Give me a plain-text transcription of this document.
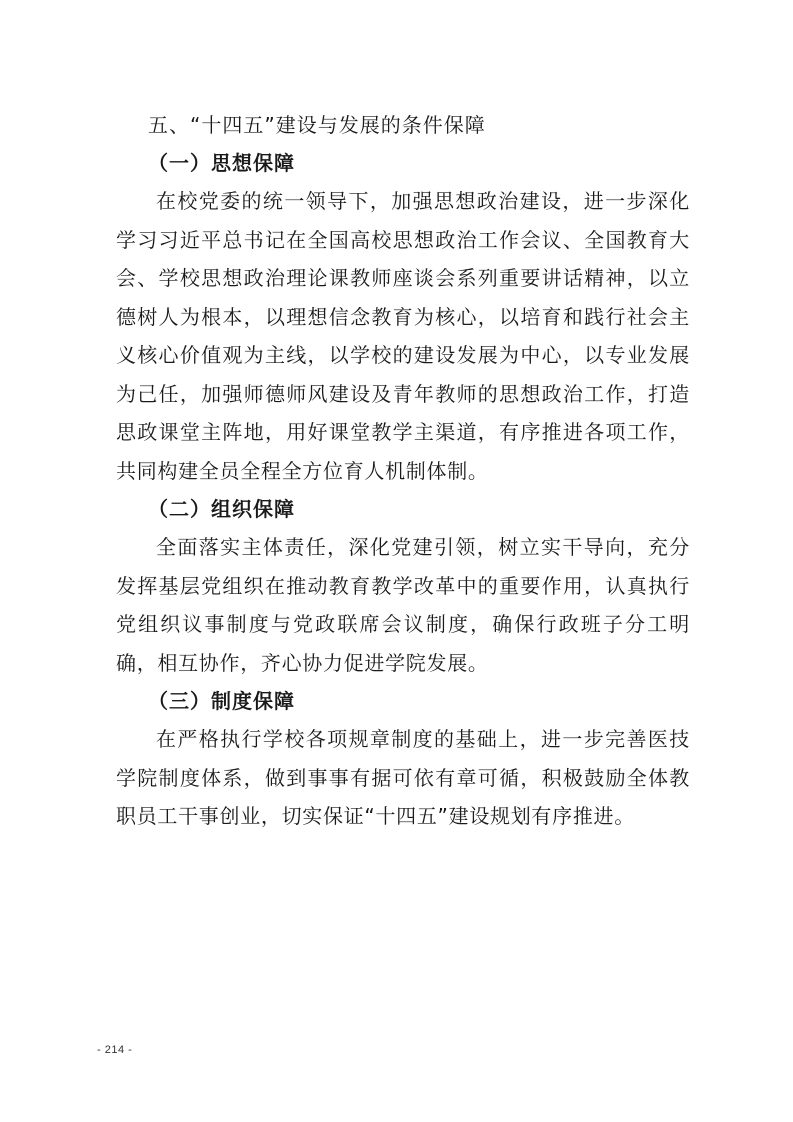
五、“十四五”建设与发展的条件保障
（一）思想保障

在校党委的统一领导下，加强思想政治建设，进一步深化学习习近平总书记在全国高校思想政治工作会议、全国教育大会、学校思想政治理论课教师座谈会系列重要讲话精神，以立德树人为根本，以理想信念教育为核心，以培育和践行社会主义核心价值观为主线，以学校的建设发展为中心，以专业发展为己任，加强师德师风建设及青年教师的思想政治工作，打造思政课堂主阵地，用好课堂教学主渠道，有序推进各项工作，共同构建全员全程全方位育人机制体制。

（二）组织保障

全面落实主体责任，深化党建引领，树立实干导向，充分发挥基层党组织在推动教育教学改革中的重要作用，认真执行党组织议事制度与党政联席会议制度，确保行政班子分工明确，相互协作，齐心协力促进学院发展。

（三）制度保障

在严格执行学校各项规章制度的基础上，进一步完善医技学院制度体系，做到事事有据可依有章可循，积极鼓励全体教职员工干事创业，切实保证“十四五”建设规划有序推进。

- 214 -
